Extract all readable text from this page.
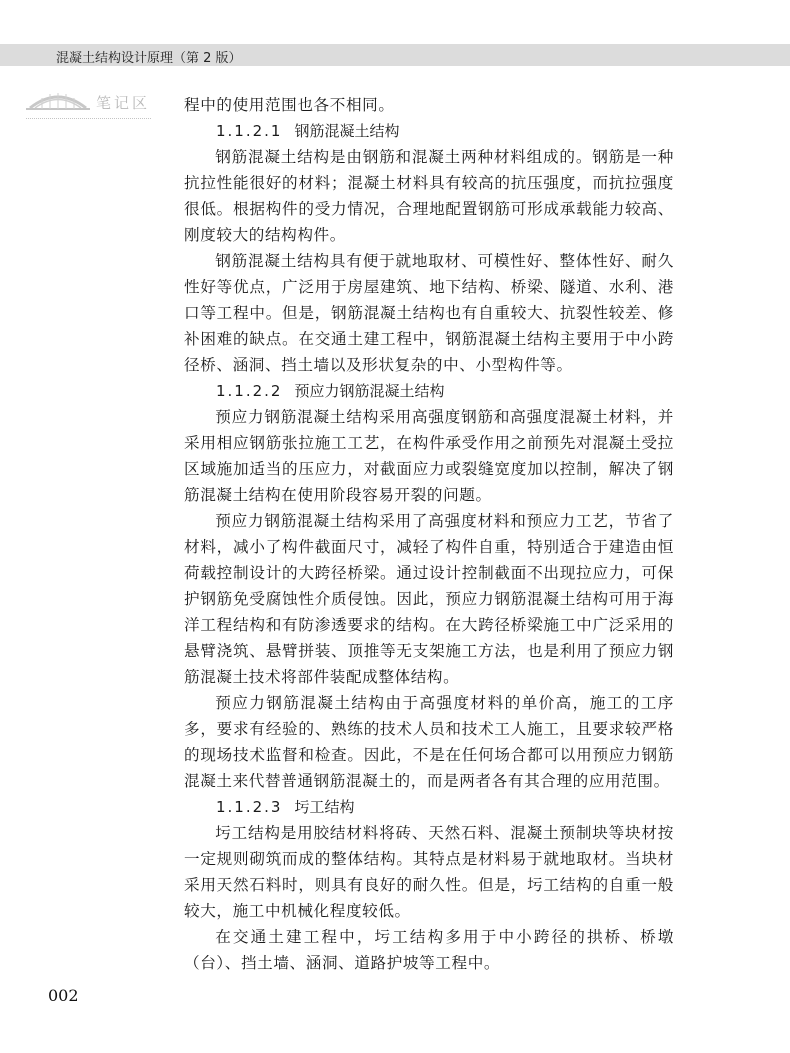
混凝土结构设计原理（第 2 版）
笔记区 程中的使用范围也各不相同。

1.1.2.1 钢筋混凝土结构

钢筋混凝土结构是由钢筋和混凝土两种材料组成的。钢筋是一种抗拉性能很好的材料；混凝土材料具有较高的抗压强度，而抗拉强度很低。根据构件的受力情况，合理地配置钢筋可形成承载能力较高、刚度较大的结构构件。

钢筋混凝土结构具有便于就地取材、可模性好、整体性好、耐久性好等优点，广泛用于房屋建筑、地下结构、桥梁、隧道、水利、港口等工程中。但是，钢筋混凝土结构也有自重较大、抗裂性较差、修补困难的缺点。在交通土建工程中，钢筋混凝土结构主要用于中小跨径桥、涵洞、挡土墙以及形状复杂的中、小型构件等。

1.1.2.2 预应力钢筋混凝土结构

预应力钢筋混凝土结构采用高强度钢筋和高强度混凝土材料，并采用相应钢筋张拉施工工艺，在构件承受作用之前预先对混凝土受拉区域施加适当的压应力，对截面应力或裂缝宽度加以控制，解决了钢筋混凝土结构在使用阶段容易开裂的问题。

预应力钢筋混凝土结构采用了高强度材料和预应力工艺，节省了材料，减小了构件截面尺寸，减轻了构件自重，特别适合于建造由恒荷载控制设计的大跨径桥梁。通过设计控制截面不出现拉应力，可保护钢筋免受腐蚀性介质侵蚀。因此，预应力钢筋混凝土结构可用于海洋工程结构和有防渗透要求的结构。在大跨径桥梁施工中广泛采用的悬臂浇筑、悬臂拼装、顶推等无支架施工方法，也是利用了预应力钢筋混凝土技术将部件装配成整体结构。

预应力钢筋混凝土结构由于高强度材料的单价高，施工的工序多，要求有经验的、熟练的技术人员和技术工人施工，且要求较严格的现场技术监督和检查。因此，不是在任何场合都可以用预应力钢筋混凝土来代替普通钢筋混凝土的，而是两者各有其合理的应用范围。

1.1.2.3 圬工结构

圬工结构是用胶结材料将砖、天然石料、混凝土预制块等块材按一定规则砌筑而成的整体结构。其特点是材料易于就地取材。当块材采用天然石料时，则具有良好的耐久性。但是，圬工结构的自重一般较大，施工中机械化程度较低。

在交通土建工程中，圬工结构多用于中小跨径的拱桥、桥墩（台）、挡土墙、涵洞、道路护坡等工程中。

002
